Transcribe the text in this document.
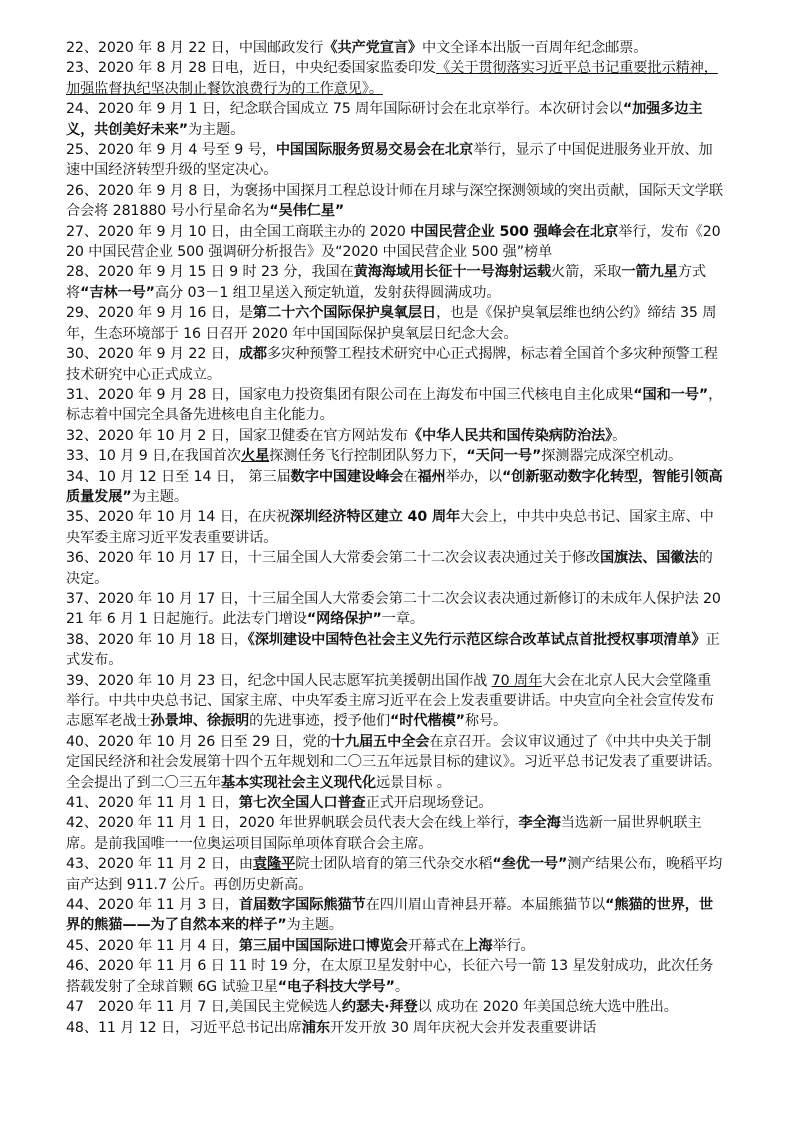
22、2020 年 8 月 22 日，中国邮政发行《共产党宣言》中文全译本出版一百周年纪念邮票。

23、2020 年 8 月 28 日电，近日，中央纪委国家监委印发《关于贯彻落实习近平总书记重要批示精神，加强监督执纪坚决制止餐饮浪费行为的工作意见》。

24、2020 年 9 月 1 日，纪念联合国成立 75 周年国际研讨会在北京举行。本次研讨会以“加强多边主义，共创美好未来”为主题。

25、2020 年 9 月 4 号至 9 号，中国国际服务贸易交易会在北京举行，显示了中国促进服务业开放、加速中国经济转型升级的坚定决心。

26、2020 年 9 月 8 日，为褒扬中国探月工程总设计师在月球与深空探测领域的突出贡献，国际天文学联合会将 281880 号小行星命名为“吴伟仁星”

27、2020 年 9 月 10 日，由全国工商联主办的 2020 中国民营企业 500 强峰会在北京举行，发布《2020 中国民营企业 500 强调研分析报告》及“2020 中国民营企业 500 强”榜单

28、2020 年 9 月 15 日 9 时 23 分，我国在黄海海域用长征十一号海射运载火箭，采取一箭九星方式将“吉林一号”高分 03－1 组卫星送入预定轨道，发射获得圆满成功。

29、2020 年 9 月 16 日，是第二十六个国际保护臭氧层日，也是《保护臭氧层维也纳公约》缔结 35 周年，生态环境部于 16 日召开 2020 年中国国际保护臭氧层日纪念大会。

30、2020 年 9 月 22 日，成都多灾种预警工程技术研究中心正式揭牌，标志着全国首个多灾种预警工程技术研究中心正式成立。

31、2020 年 9 月 28 日，国家电力投资集团有限公司在上海发布中国三代核电自主化成果“国和一号”，标志着中国完全具备先进核电自主化能力。

32、2020 年 10 月 2 日，国家卫健委在官方网站发布《中华人民共和国传染病防治法》。

33、10 月 9 日,在我国首次火星探测任务飞行控制团队努力下，“天问一号”探测器完成深空机动。

34、10 月 12 日至 14 日， 第三届数字中国建设峰会在福州举办，以“创新驱动数字化转型，智能引领高质量发展”为主题。

35、2020 年 10 月 14 日，在庆祝深圳经济特区建立 40 周年大会上，中共中央总书记、国家主席、中央军委主席习近平发表重要讲话。

36、2020 年 10 月 17 日，十三届全国人大常委会第二十二次会议表决通过关于修改国旗法、国徽法的决定。

37、2020 年 10 月 17 日，十三届全国人大常委会第二十二次会议表决通过新修订的未成年人保护法 2021 年 6 月 1 日起施行。此法专门增设“网络保护”一章。

38、2020 年 10 月 18 日，《深圳建设中国特色社会主义先行示范区综合改革试点首批授权事项清单》正式发布。

39、2020 年 10 月 23 日，纪念中国人民志愿军抗美援朝出国作战 70 周年大会在北京人民大会堂隆重举行。中共中央总书记、国家主席、中央军委主席习近平在会上发表重要讲话。中央宣向全社会宣传发布志愿军老战士孙景坤、徐振明的先进事迹，授予他们“时代楷模”称号。

40、2020 年 10 月 26 日至 29 日，党的十九届五中全会在京召开。会议审议通过了《中共中央关于制定国民经济和社会发展第十四个五年规划和二〇三五年远景目标的建议》。习近平总书记发表了重要讲话。全会提出了到二〇三五年基本实现社会主义现代化远景目标 。

41、2020 年 11 月 1 日，第七次全国人口普查正式开启现场登记。

42、2020 年 11 月 1 日，2020 年世界帆联会员代表大会在线上举行，李全海当选新一届世界帆联主席。是前我国唯一一位奥运项目国际单项体育联合会主席。

43、2020 年 11 月 2 日，由袁隆平院士团队培育的第三代杂交水稻“叁优一号”测产结果公布，晚稻平均亩产达到 911.7 公斤。再创历史新高。

44、2020 年 11 月 3 日，首届数字国际熊猫节在四川眉山青神县开幕。本届熊猫节以“熊猫的世界，世界的熊猫——为了自然本来的样子”为主题。

45、2020 年 11 月 4 日，第三届中国国际进口博览会开幕式在上海举行。

46、2020 年 11 月 6 日 11 时 19 分，在太原卫星发射中心，长征六号一箭 13 星发射成功，此次任务搭载发射了全球首颗 6G 试验卫星“电子科技大学号”。

47　2020 年 11 月 7 日,美国民主党候选人约瑟夫·拜登以 成功在 2020 年美国总统大选中胜出。

48、11 月 12 日，习近平总书记出席浦东开发开放 30 周年庆祝大会并发表重要讲话
